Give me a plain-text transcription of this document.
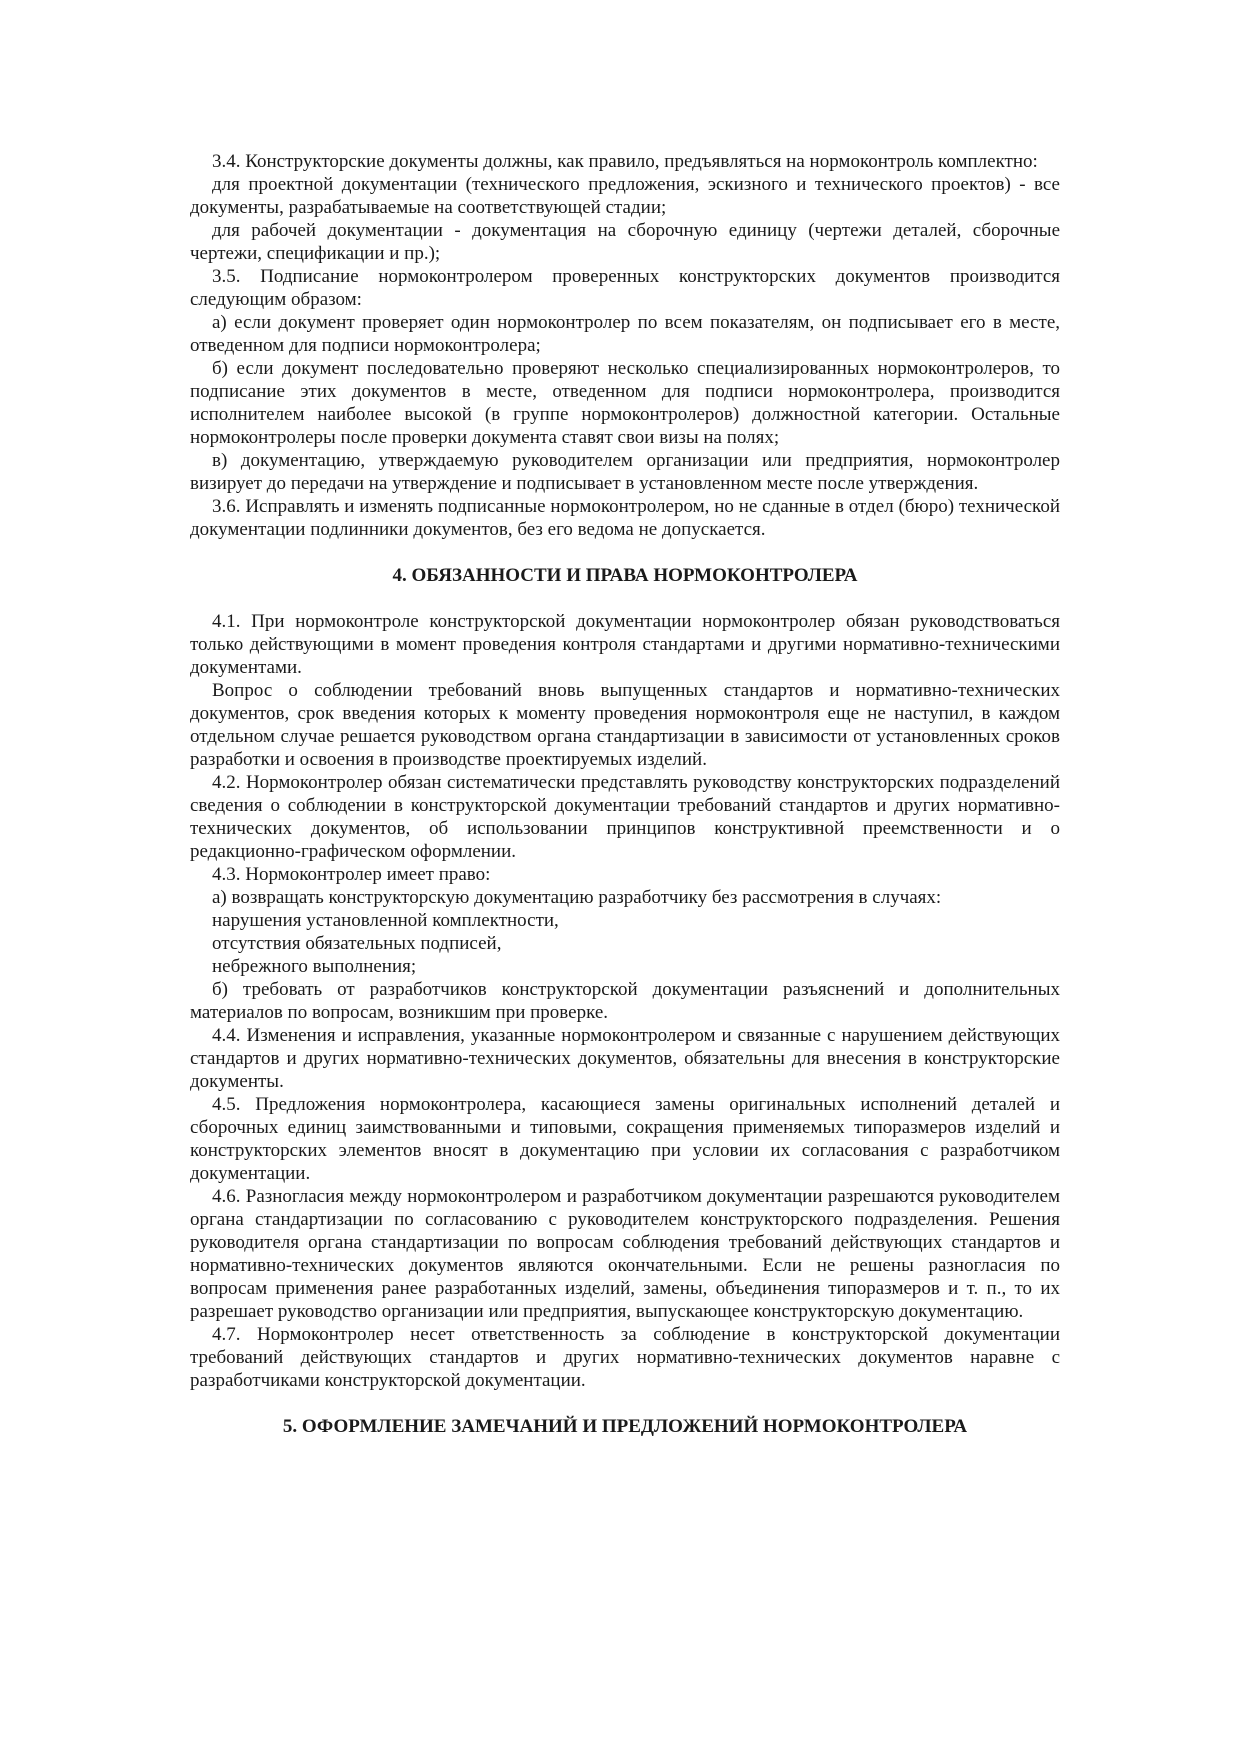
3.4. Конструкторские документы должны, как правило, предъявляться на нормоконтроль комплектно:

для проектной документации (технического предложения, эскизного и технического проектов) - все документы, разрабатываемые на соответствующей стадии;

для рабочей документации - документация на сборочную единицу (чертежи деталей, сборочные чертежи, спецификации и пр.);

3.5. Подписание нормоконтролером проверенных конструкторских документов производится следующим образом:

а) если документ проверяет один нормоконтролер по всем показателям, он подписывает его в месте, отведенном для подписи нормоконтролера;

б) если документ последовательно проверяют несколько специализированных нормоконтролеров, то подписание этих документов в месте, отведенном для подписи нормоконтролера, производится исполнителем наиболее высокой (в группе нормоконтролеров) должностной категории. Остальные нормоконтролеры после проверки документа ставят свои визы на полях;

в) документацию, утверждаемую руководителем организации или предприятия, нормоконтролер визирует до передачи на утверждение и подписывает в установленном месте после утверждения.

3.6. Исправлять и изменять подписанные нормоконтролером, но не сданные в отдел (бюро) технической документации подлинники документов, без его ведома не допускается.

4. ОБЯЗАННОСТИ И ПРАВА НОРМОКОНТРОЛЕРА

4.1. При нормоконтроле конструкторской документации нормоконтролер обязан руководствоваться только действующими в момент проведения контроля стандартами и другими нормативно-техническими документами.

Вопрос о соблюдении требований вновь выпущенных стандартов и нормативно-технических документов, срок введения которых к моменту проведения нормоконтроля еще не наступил, в каждом отдельном случае решается руководством органа стандартизации в зависимости от установленных сроков разработки и освоения в производстве проектируемых изделий.

4.2. Нормоконтролер обязан систематически представлять руководству конструкторских подразделений сведения о соблюдении в конструкторской документации требований стандартов и других нормативно-технических документов, об использовании принципов конструктивной преемственности и о редакционно-графическом оформлении.

4.3. Нормоконтролер имеет право:

а) возвращать конструкторскую документацию разработчику без рассмотрения в случаях:

нарушения установленной комплектности,

отсутствия обязательных подписей,

небрежного выполнения;

б) требовать от разработчиков конструкторской документации разъяснений и дополнительных материалов по вопросам, возникшим при проверке.

4.4. Изменения и исправления, указанные нормоконтролером и связанные с нарушением действующих стандартов и других нормативно-технических документов, обязательны для внесения в конструкторские документы.

4.5. Предложения нормоконтролера, касающиеся замены оригинальных исполнений деталей и сборочных единиц заимствованными и типовыми, сокращения применяемых типоразмеров изделий и конструкторских элементов вносят в документацию при условии их согласования с разработчиком документации.

4.6. Разногласия между нормоконтролером и разработчиком документации разрешаются руководителем органа стандартизации по согласованию с руководителем конструкторского подразделения. Решения руководителя органа стандартизации по вопросам соблюдения требований действующих стандартов и нормативно-технических документов являются окончательными. Если не решены разногласия по вопросам применения ранее разработанных изделий, замены, объединения типоразмеров и т. п., то их разрешает руководство организации или предприятия, выпускающее конструкторскую документацию.

4.7. Нормоконтролер несет ответственность за соблюдение в конструкторской документации требований действующих стандартов и других нормативно-технических документов наравне с разработчиками конструкторской документации.

5. ОФОРМЛЕНИЕ ЗАМЕЧАНИЙ И ПРЕДЛОЖЕНИЙ НОРМОКОНТРОЛЕРА
